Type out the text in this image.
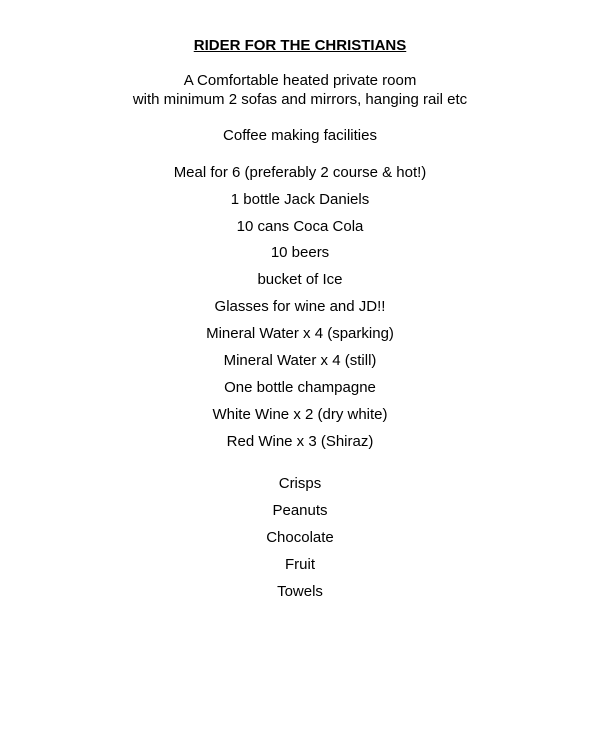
RIDER FOR THE CHRISTIANS
A Comfortable heated private room
with minimum 2 sofas and mirrors, hanging rail etc
Coffee making facilities
Meal for 6 (preferably 2 course & hot!)
1 bottle Jack Daniels
10 cans Coca Cola
10 beers
bucket of Ice
Glasses for wine and JD!!
Mineral Water x 4 (sparking)
Mineral Water x 4 (still)
One bottle champagne
White Wine x 2 (dry white)
Red Wine x 3 (Shiraz)
Crisps
Peanuts
Chocolate
Fruit
Towels
